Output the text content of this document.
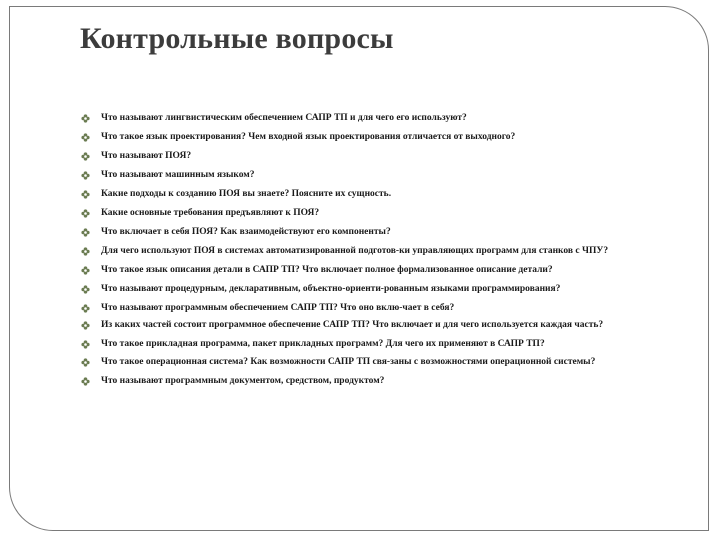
Контрольные вопросы
Что называют лингвистическим обеспечением САПР ТП и для чего его используют?
Что такое язык проектирования? Чем входной язык проектирования отличается от выходного?
Что называют ПОЯ?
Что называют машинным языком?
Какие подходы к созданию ПОЯ вы знаете? Поясните их сущность.
Какие основные требования предъявляют к ПОЯ?
Что включает в себя ПОЯ? Как взаимодействуют его компоненты?
Для чего используют ПОЯ в системах автоматизированной подготов-ки управляющих программ для станков с ЧПУ?
Что такое язык описания детали в САПР ТП? Что включает полное формализованное описание детали?
Что называют процедурным, декларативным, объектно-ориенти-рованным языками программирования?
Что называют программным обеспечением САПР ТП? Что оно вклю-чает в себя?
Из каких частей состоит программное обеспечение САПР ТП? Что включает и для чего используется каждая часть?
Что такое прикладная программа, пакет прикладных программ? Для чего их применяют в САПР ТП?
Что такое операционная система? Как возможности САПР ТП свя-заны с возможностями операционной системы?
Что называют программным документом, средством, продуктом?
